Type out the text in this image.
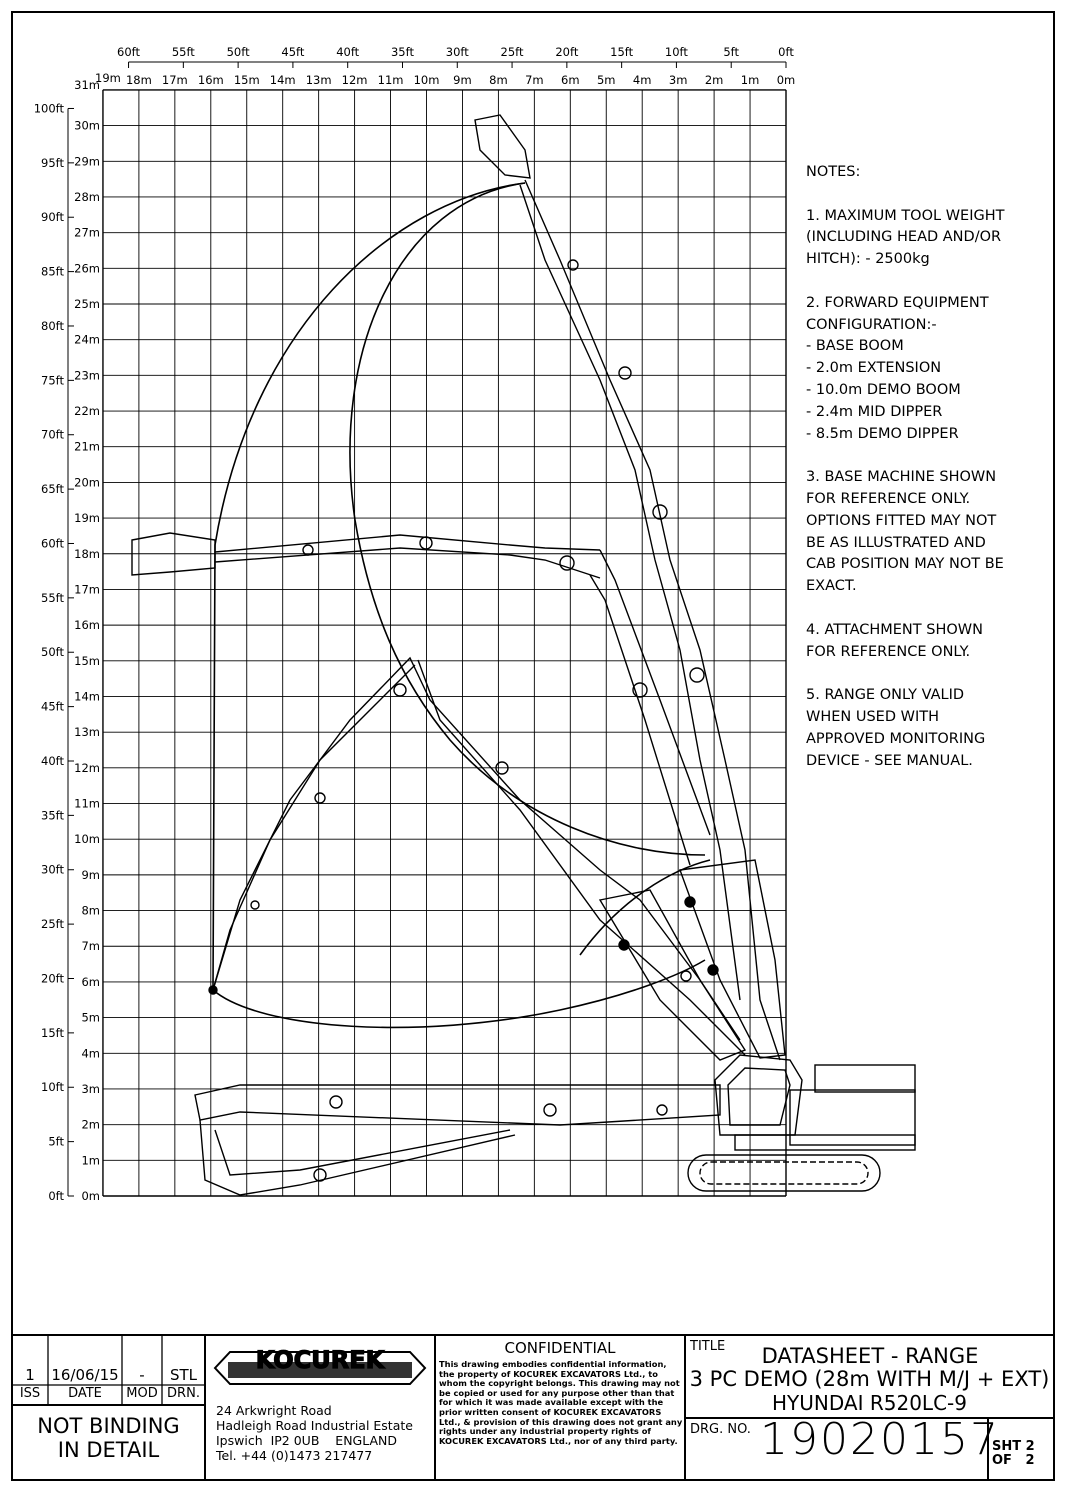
19m 18m 17m 16m 15m 14m 13m 12m 11m 10m 9m 8m 7m 6m 5m 4m 3m 2m 1m 0m
31m
30m
29m
28m
27m
26m
25m
24m
23m
22m
21m
20m
19m
18m
17m
16m
15m
14m
13m
12m
11m
10m
9m
8m
7m
6m
5m
4m
3m
2m
1m
0m
60ft	55ft	50ft	45ft	40ft	35ft	30ft	25ft	20ft	15ft	10ft	5ft	0ft
100ft
95ft
90ft
85ft
80ft
75ft
70ft
65ft
60ft
55ft
50ft
45ft
40ft
35ft
30ft
25ft
20ft
15ft
10ft
5ft
0ft
KOCUREK

NOTES:

1. MAXIMUM TOOL WEIGHT
(INCLUDING HEAD AND/OR
HITCH): - 2500kg

2. FORWARD EQUIPMENT
CONFIGURATION:-
- BASE BOOM
- 2.0m EXTENSION
- 10.0m DEMO BOOM
- 2.4m MID DIPPER
- 8.5m DEMO DIPPER

3. BASE MACHINE SHOWN
FOR REFERENCE ONLY.
OPTIONS FITTED MAY NOT
BE AS ILLUSTRATED AND
CAB POSITION MAY NOT BE
EXACT.

4. ATTACHMENT SHOWN
FOR REFERENCE ONLY.

5. RANGE ONLY VALID
WHEN USED WITH
APPROVED MONITORING
DEVICE - SEE MANUAL.

1	16/06/15	-	STL
ISS	DATE	MOD DRN.
NOT BINDING
IN DETAIL
24 Arkwright Road
Hadleigh Road Industrial Estate
Ipswich  IP2 0UB    ENGLAND
Tel. +44 (0)1473 217477
CONFIDENTIAL
This drawing embodies confidential information, the property of KOCUREK EXCAVATORS Ltd., to whom the copyright belongs. This drawing may not be copied or used for any purpose other than that for which it was made available except with the prior written consent of KOCUREK EXCAVATORS Ltd., & provision of this drawing does not grant any rights under any industrial property rights of KOCUREK EXCAVATORS Ltd., nor of any third party.
TITLE	DATASHEET - RANGE
3 PC DEMO (28m WITH M/J + EXT)
HYUNDAI R520LC-9
DRG. NO. 19020157
SHT 2
OF   2
